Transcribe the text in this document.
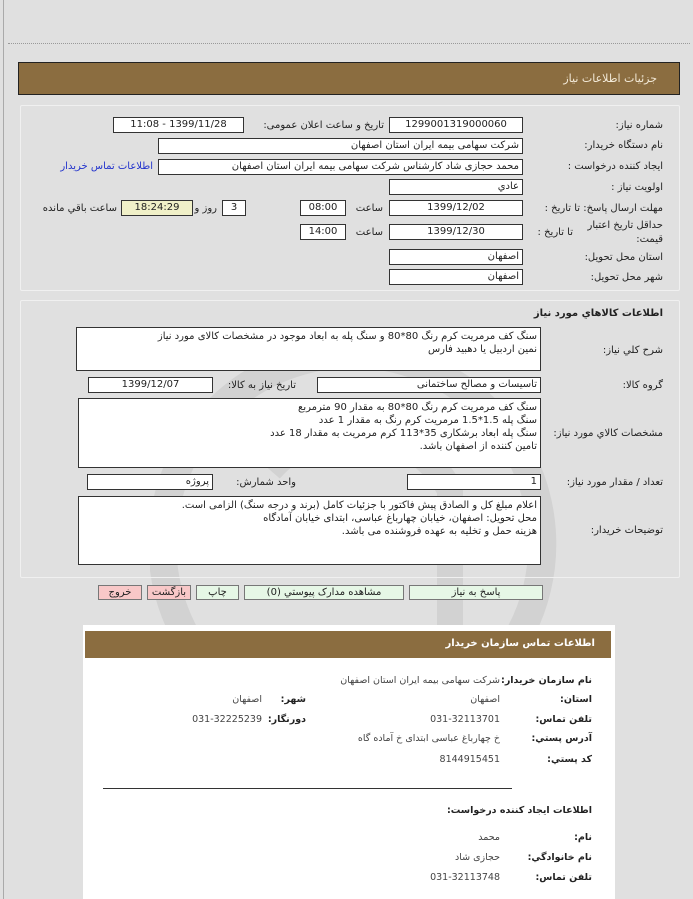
جزئیات اطلاعات نیاز
شماره نیاز:
1299001319000060
تاریخ و ساعت اعلان عمومی:
1399/11/28 - 11:08
نام دستگاه خریدار:
شرکت سهامی بیمه ایران استان اصفهان
ایجاد کننده درخواست :
محمد حجازی شاد کارشناس شرکت سهامی بیمه ایران استان اصفهان
اطلاعات تماس خریدار
اولویت نیاز :
عادي
مهلت ارسال پاسخ: تا تاریخ :
1399/12/02
ساعت
08:00
3
روز و
18:24:29
ساعت باقي مانده
حداقل تاریخ اعتبار قیمت:
تا تاریخ :
1399/12/30
ساعت
14:00
استان محل تحویل:
اصفهان
شهر محل تحویل:
اصفهان
اطلاعات کالاهاي مورد نیاز
شرح کلي نیاز:
سنگ کف مرمریت کرم رنگ 80*80 و سنگ پله به ابعاد موجود در مشخصات کالای مورد نیاز
نمین اردبیل یا دهبید فارس
گروه کالا:
تاسیسات و مصالح ساختمانی
تاریخ نیاز به کالا:
1399/12/07
مشخصات کالاي مورد نیاز:
سنگ کف مرمریت کرم رنگ 80*80 به مقدار 90 مترمربع
سنگ پله 1.5*1.5 مرمریت کرم رنگ به مقدار 1 عدد
سنگ پله ابعاد برشکاری 35*113 کرم مرمریت به مقدار 18 عدد
تامین کننده از اصفهان باشد.
تعداد / مقدار مورد نیاز:
1
واحد شمارش:
پروژه
توضیحات خریدار:
اعلام مبلغ کل و الصادق پیش فاکتور با جزئیات کامل (برند و درجه سنگ) الزامی است.
محل تحویل: اصفهان، خیابان چهارباغ عباسی، ابتدای خیابان آمادگاه
هزینه حمل و تخلیه به عهده فروشنده می باشد.
پاسخ به نیاز
مشاهده مدارک پیوستي (0)
چاپ
بازگشت
خروج
اطلاعات تماس سازمان خریدار
نام سازمان خریدار:
شرکت سهامی بیمه ایران استان اصفهان
استان:
اصفهان
شهر:
اصفهان
تلفن تماس:
031-32113701
دورنگار:
031-32225239
آدرس پستي:
خ چهارباغ عباسی ابتدای خ آماده گاه
کد پستي:
8144915451
اطلاعات ایجاد کننده درخواست:
نام:
محمد
نام خانوادگي:
حجازی شاد
تلفن تماس:
031-32113748
